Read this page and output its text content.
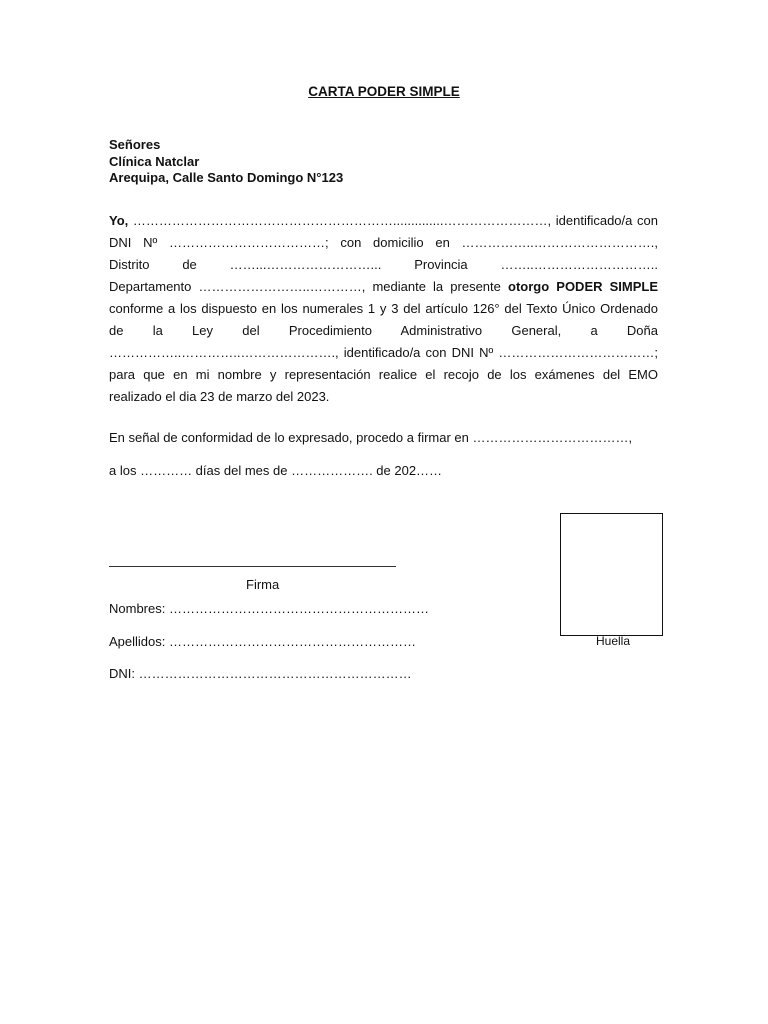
CARTA PODER SIMPLE
Señores
Clínica Natclar
Arequipa, Calle Santo Domingo N°123
Yo, ……………………………………………………..............……………………, identificado/a con
DNI Nº ………………………………; con domicilio en ……………..……………………….,
Distrito de ……...……………………... Provincia ……..………………………..
Departamento ……………………..…………, mediante la presente otorgo PODER SIMPLE
conforme a los dispuesto en los numerales 1 y 3 del artículo 126° del Texto Único Ordenado
de la Ley del Procedimiento Administrativo General, a Doña
……………..…………..…………………., identificado/a con DNI Nº ………………………………;
para que en mi nombre y representación realice el recojo de los exámenes del EMO
realizado el dia 23 de marzo del 2023.
En señal de conformidad de lo expresado, procedo a firmar en ………………………………,
a los ………… días del mes de ………………. de 202……
Firma
Nombres: ……………………………………………………
Apellidos: …………………………………………………
DNI: ………………………………………………………
Huella
